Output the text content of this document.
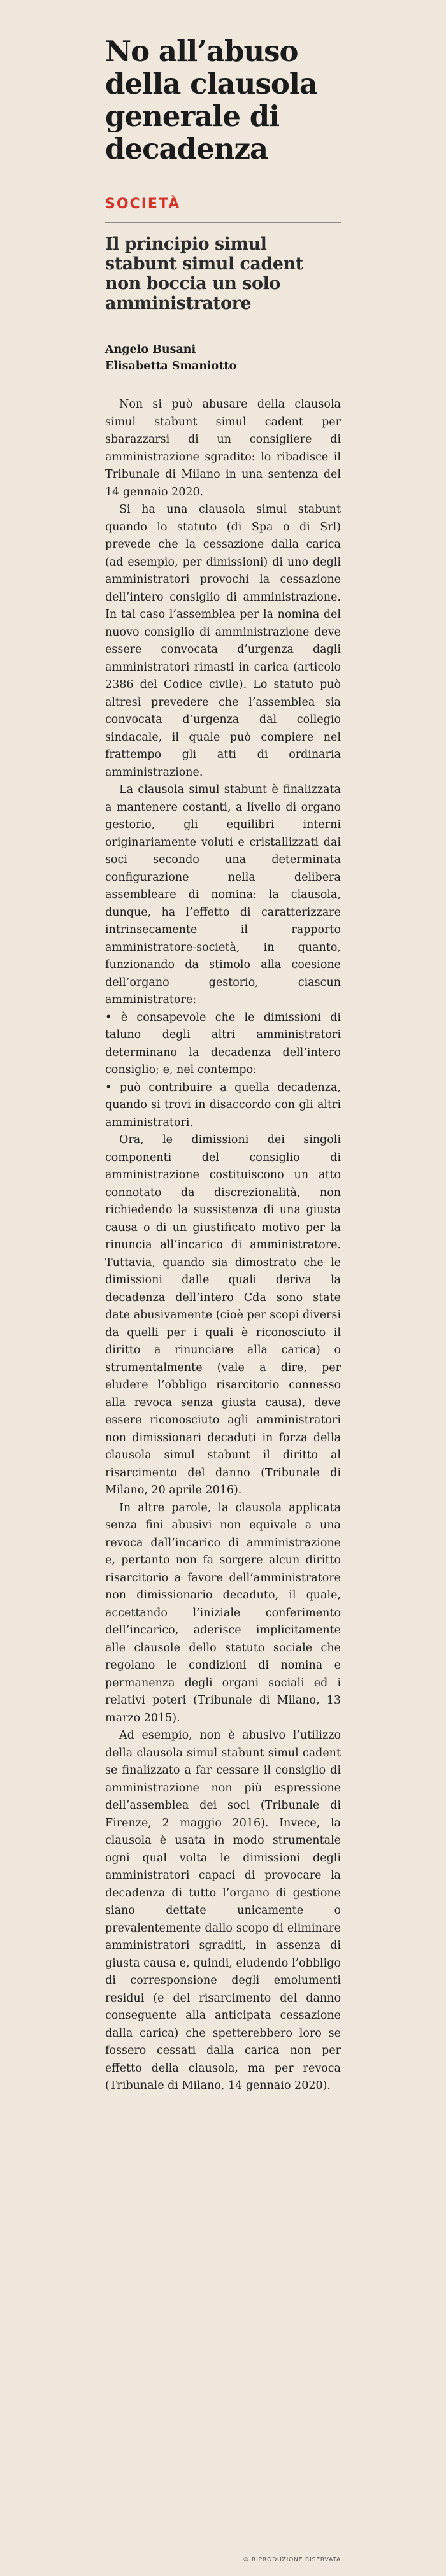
No all’abuso della clausola generale di decadenza
SOCIETÀ
Il principio simul stabunt simul cadent non boccia un solo amministratore
Angelo Busani
Elisabetta Smaniotto

Non si può abusare della clausola simul stabunt simul cadent per sbarazzarsi di un consigliere di amministrazione sgradito: lo ribadisce il Tribunale di Milano in una sentenza del 14 gennaio 2020.

Si ha una clausola simul stabunt quando lo statuto (di Spa o di Srl) prevede che la cessazione dalla carica (ad esempio, per dimissioni) di uno degli amministratori provochi la cessazione dell’intero consiglio di amministrazione. In tal caso l’assemblea per la nomina del nuovo consiglio di amministrazione deve essere convocata d’urgenza dagli amministratori rimasti in carica (articolo 2386 del Codice civile). Lo statuto può altresì prevedere che l’assemblea sia convocata d’urgenza dal collegio sindacale, il quale può compiere nel frattempo gli atti di ordinaria amministrazione.

La clausola simul stabunt è finalizzata a mantenere costanti, a livello di organo gestorio, gli equilibri interni originariamente voluti e cristallizzati dai soci secondo una determinata configurazione nella delibera assembleare di nomina: la clausola, dunque, ha l’effetto di caratterizzare intrinsecamente il rapporto amministratore-società, in quanto, funzionando da stimolo alla coesione dell’organo gestorio, ciascun amministratore:

• è consapevole che le dimissioni di taluno degli altri amministratori determinano la decadenza dell’intero consiglio; e, nel contempo:

• può contribuire a quella decadenza, quando si trovi in disaccordo con gli altri amministratori.

Ora, le dimissioni dei singoli componenti del consiglio di amministrazione costituiscono un atto connotato da discrezionalità, non richiedendo la sussistenza di una giusta causa o di un giustificato motivo per la rinuncia all’incarico di amministratore. Tuttavia, quando sia dimostrato che le dimissioni dalle quali deriva la decadenza dell’intero Cda sono state date abusivamente (cioè per scopi diversi da quelli per i quali è riconosciuto il diritto a rinunciare alla carica) o strumentalmente (vale a dire, per eludere l’obbligo risarcitorio connesso alla revoca senza giusta causa), deve essere riconosciuto agli amministratori non dimissionari decaduti in forza della clausola simul stabunt il diritto al risarcimento del danno (Tribunale di Milano, 20 aprile 2016).

In altre parole, la clausola applicata senza fini abusivi non equivale a una revoca dall’incarico di amministrazione e, pertanto non fa sorgere alcun diritto risarcitorio a favore dell’amministratore non dimissionario decaduto, il quale, accettando l’iniziale conferimento dell’incarico, aderisce implicitamente alle clausole dello statuto sociale che regolano le condizioni di nomina e permanenza degli organi sociali ed i relativi poteri (Tribunale di Milano, 13 marzo 2015).

Ad esempio, non è abusivo l’utilizzo della clausola simul stabunt simul cadent se finalizzato a far cessare il consiglio di amministrazione non più espressione dell’assemblea dei soci (Tribunale di Firenze, 2 maggio 2016). Invece, la clausola è usata in modo strumentale ogni qual volta le dimissioni degli amministratori capaci di provocare la decadenza di tutto l’organo di gestione siano dettate unicamente o prevalentemente dallo scopo di eliminare amministratori sgraditi, in assenza di giusta causa e, quindi, eludendo l’obbligo di corresponsione degli emolumenti residui (e del risarcimento del danno conseguente alla anticipata cessazione dalla carica) che spetterebbero loro se fossero cessati dalla carica non per effetto della clausola, ma per revoca (Tribunale di Milano, 14 gennaio 2020).

© RIPRODUZIONE RISERVATA
